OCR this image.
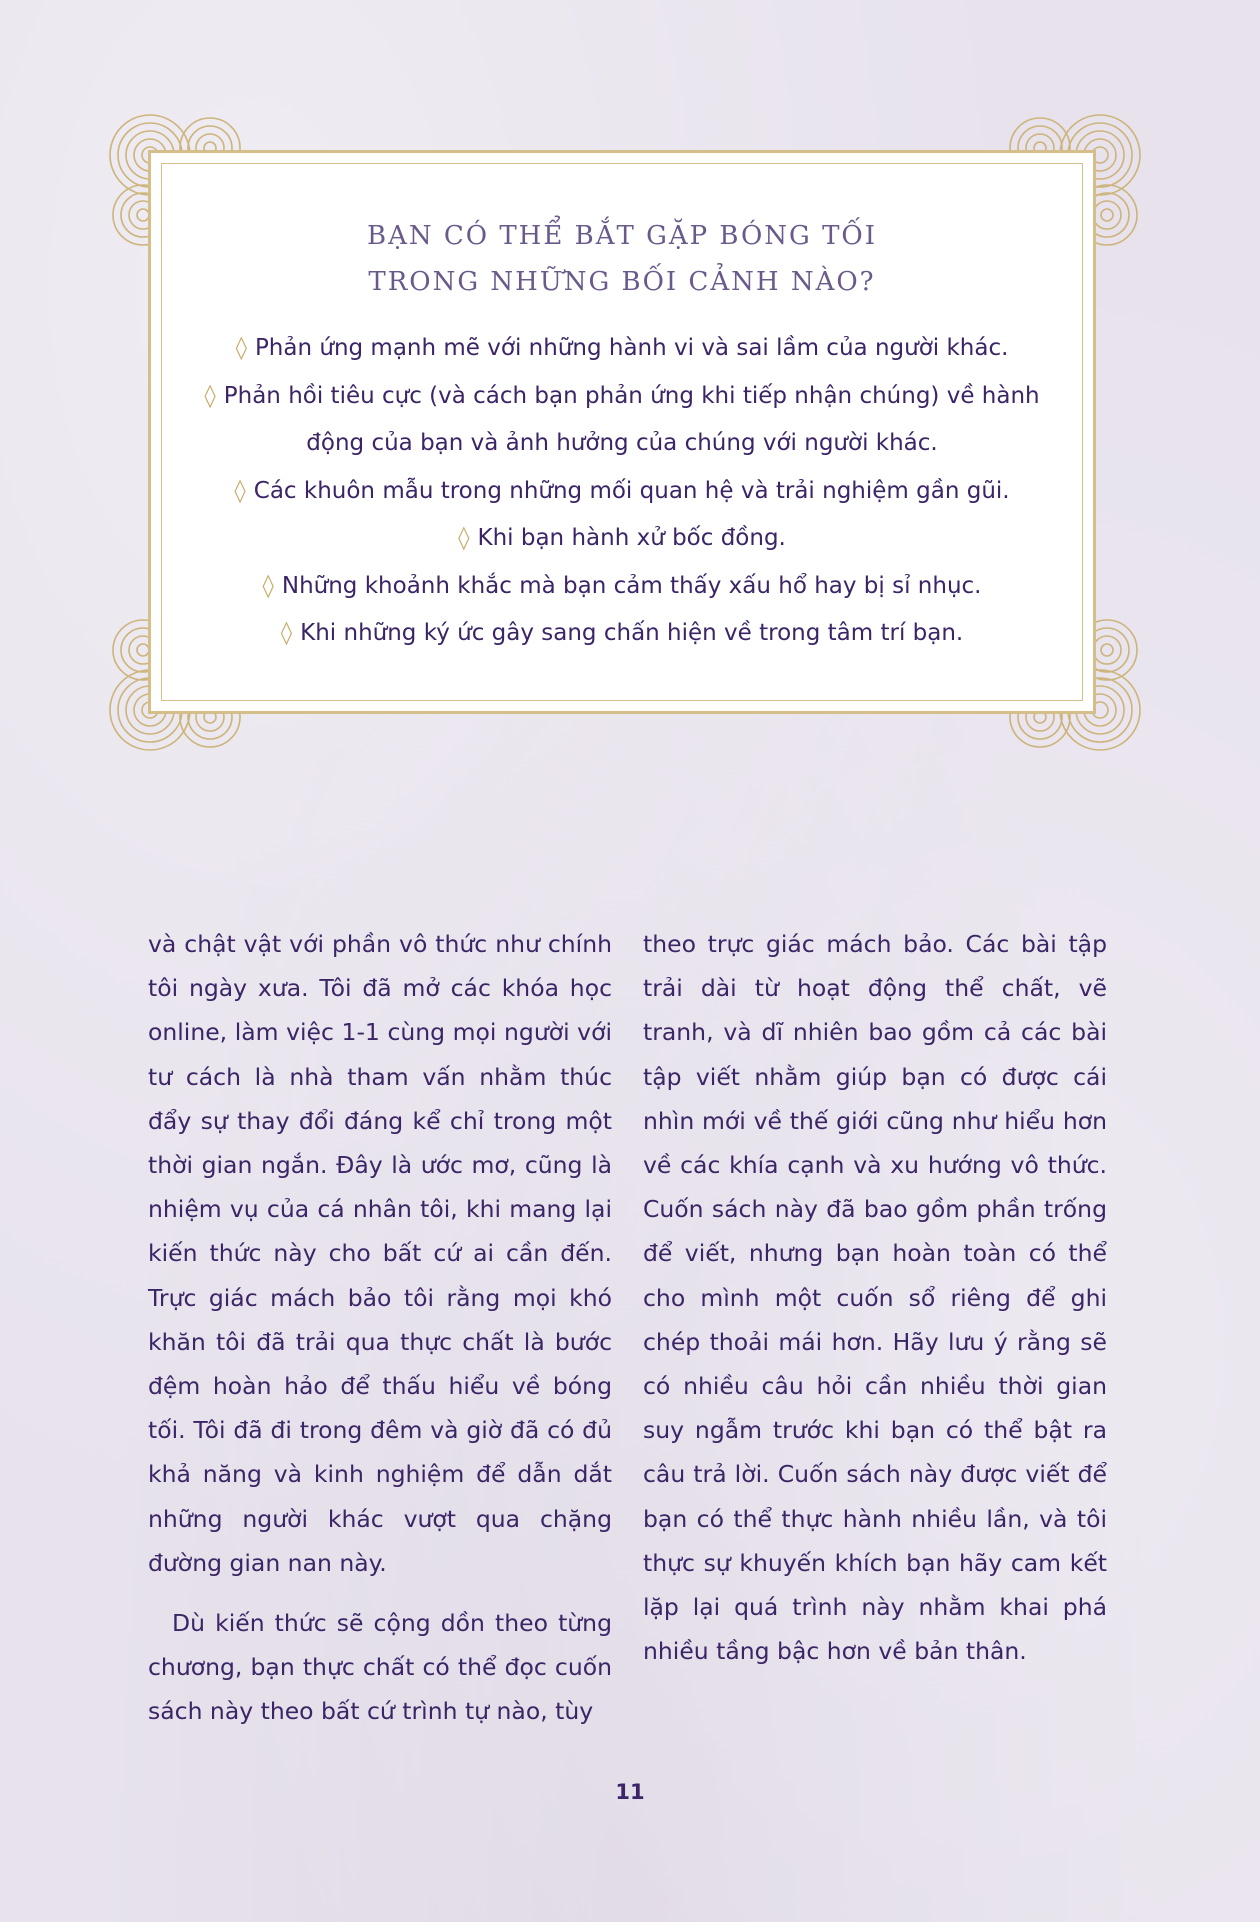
BẠN CÓ THỂ BẮT GẶP BÓNG TỐI
TRONG NHỮNG BỐI CẢNH NÀO?
◊ Phản ứng mạnh mẽ với những hành vi và sai lầm của người khác.
◊ Phản hồi tiêu cực (và cách bạn phản ứng khi tiếp nhận chúng) về hành động của bạn và ảnh hưởng của chúng với người khác.
◊ Các khuôn mẫu trong những mối quan hệ và trải nghiệm gần gũi.
◊ Khi bạn hành xử bốc đồng.
◊ Những khoảnh khắc mà bạn cảm thấy xấu hổ hay bị sỉ nhục.
◊ Khi những ký ức gây sang chấn hiện về trong tâm trí bạn.

và chật vật với phần vô thức như chính tôi ngày xưa. Tôi đã mở các khóa học online, làm việc 1-1 cùng mọi người với tư cách là nhà tham vấn nhằm thúc đẩy sự thay đổi đáng kể chỉ trong một thời gian ngắn. Đây là ước mơ, cũng là nhiệm vụ của cá nhân tôi, khi mang lại kiến thức này cho bất cứ ai cần đến. Trực giác mách bảo tôi rằng mọi khó khăn tôi đã trải qua thực chất là bước đệm hoàn hảo để thấu hiểu về bóng tối. Tôi đã đi trong đêm và giờ đã có đủ khả năng và kinh nghiệm để dẫn dắt những người khác vượt qua chặng đường gian nan này.

Dù kiến thức sẽ cộng dồn theo từng chương, bạn thực chất có thể đọc cuốn sách này theo bất cứ trình tự nào, tùy

theo trực giác mách bảo. Các bài tập trải dài từ hoạt động thể chất, vẽ tranh, và dĩ nhiên bao gồm cả các bài tập viết nhằm giúp bạn có được cái nhìn mới về thế giới cũng như hiểu hơn về các khía cạnh và xu hướng vô thức. Cuốn sách này đã bao gồm phần trống để viết, nhưng bạn hoàn toàn có thể cho mình một cuốn sổ riêng để ghi chép thoải mái hơn. Hãy lưu ý rằng sẽ có nhiều câu hỏi cần nhiều thời gian suy ngẫm trước khi bạn có thể bật ra câu trả lời. Cuốn sách này được viết để bạn có thể thực hành nhiều lần, và tôi thực sự khuyến khích bạn hãy cam kết lặp lại quá trình này nhằm khai phá nhiều tầng bậc hơn về bản thân.

11
